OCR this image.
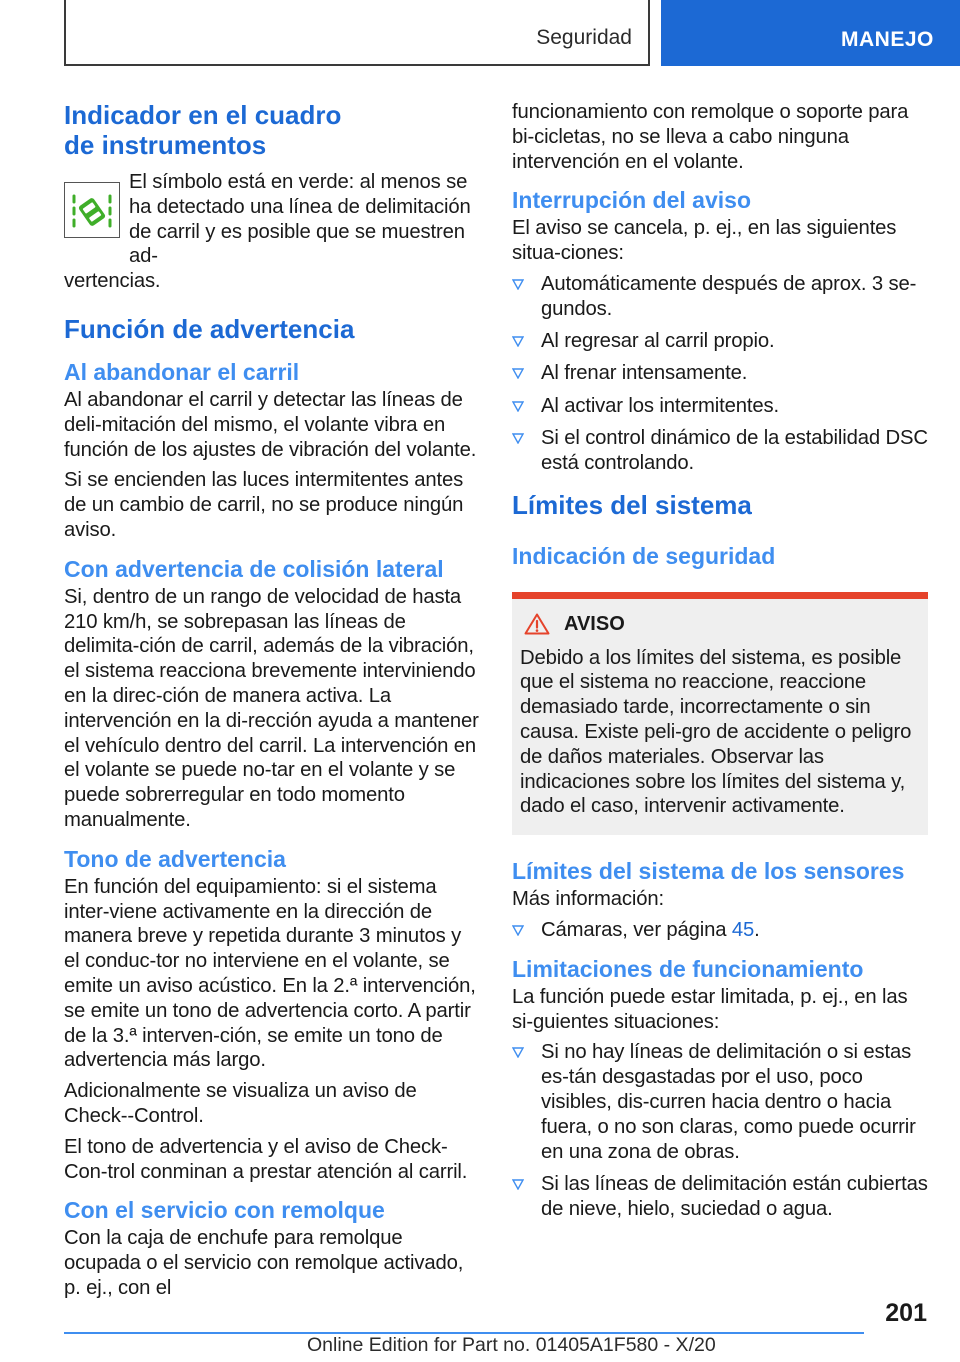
Seguridad	MANEJO
Indicador en el cuadro
de instrumentos

El símbolo está en verde: al menos se ha detectado una línea de delimitación de carril y es posible que se muestren ad-

vertencias.

Función de advertencia
Al abandonar el carril

Al abandonar el carril y detectar las líneas de deli-mitación del mismo, el volante vibra en función de los ajustes de vibración del volante.

Si se encienden las luces intermitentes antes de un cambio de carril, no se produce ningún aviso.

Con advertencia de colisión lateral

Si, dentro de un rango de velocidad de hasta 210 km/h, se sobrepasan las líneas de delimita-ción de carril, además de la vibración, el sistema reacciona brevemente interviniendo en la direc-ción de manera activa. La intervención en la di-rección ayuda a mantener el vehículo dentro del carril. La intervención en el volante se puede no-tar en el volante y se puede sobrerregular en todo momento manualmente.

Tono de advertencia

En función del equipamiento: si el sistema inter-viene activamente en la dirección de manera breve y repetida durante 3 minutos y el conduc-tor no interviene en el volante, se emite un aviso acústico. En la 2.ª intervención, se emite un tono de advertencia corto. A partir de la 3.ª interven-ción, se emite un tono de advertencia más largo.

Adicionalmente se visualiza un aviso de Check--Control.

El tono de advertencia y el aviso de Check-Con-trol conminan a prestar atención al carril.

Con el servicio con remolque

Con la caja de enchufe para remolque ocupada o el servicio con remolque activado, p. ej., con el

funcionamiento con remolque o soporte para bi-cicletas, no se lleva a cabo ninguna intervención en el volante.

Interrupción del aviso

El aviso se cancela, p. ej., en las siguientes situa-ciones:

Automáticamente después de aprox. 3 se-gundos.
Al regresar al carril propio.
Al frenar intensamente.
Al activar los intermitentes.
Si el control dinámico de la estabilidad DSC está controlando.
Límites del sistema
Indicación de seguridad
AVISO

Debido a los límites del sistema, es posible que el sistema no reaccione, reaccione demasiado tarde, incorrectamente o sin causa. Existe peli-gro de accidente o peligro de daños materiales. Observar las indicaciones sobre los límites del sistema y, dado el caso, intervenir activamente.

Límites del sistema de los sensores

Más información:

Cámaras, ver página 45.
Limitaciones de funcionamiento

La función puede estar limitada, p. ej., en las si-guientes situaciones:

Si no hay líneas de delimitación o si estas es-tán desgastadas por el uso, poco visibles, dis-curren hacia dentro o hacia fuera, o no son claras, como puede ocurrir en una zona de obras.
Si las líneas de delimitación están cubiertas de nieve, hielo, suciedad o agua.
201
Online Edition for Part no. 01405A1F580 - X/20
